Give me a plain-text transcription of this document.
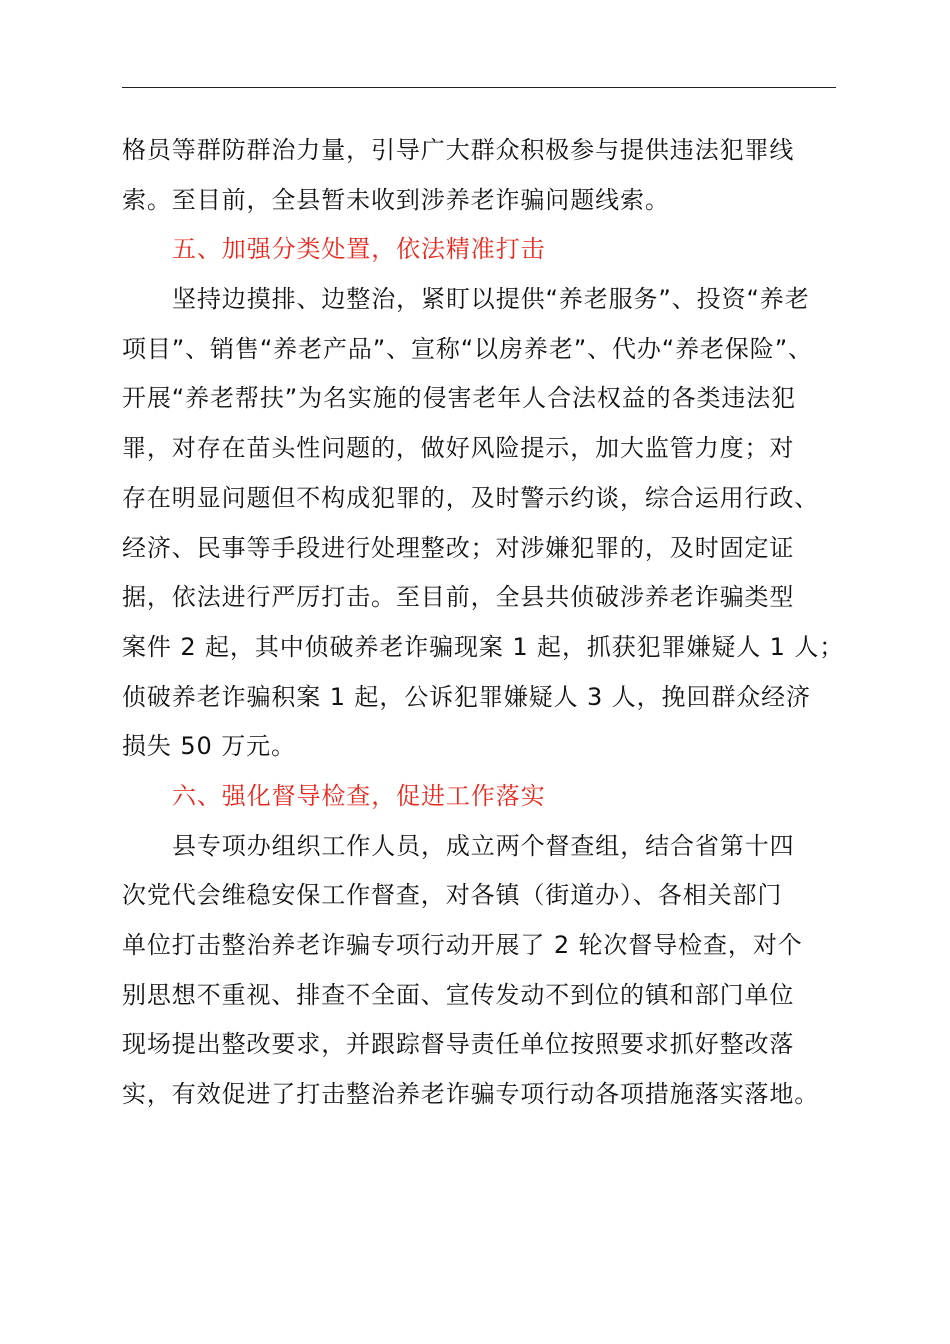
格员等群防群治力量，引导广大群众积极参与提供违法犯罪线
索。至目前，全县暂未收到涉养老诈骗问题线索。
五、加强分类处置，依法精准打击
坚持边摸排、边整治，紧盯以提供“养老服务”、投资“养老
项目”、销售“养老产品”、宣称“以房养老”、代办“养老保险”、
开展“养老帮扶”为名实施的侵害老年人合法权益的各类违法犯
罪，对存在苗头性问题的，做好风险提示，加大监管力度；对
存在明显问题但不构成犯罪的，及时警示约谈，综合运用行政、
经济、民事等手段进行处理整改；对涉嫌犯罪的，及时固定证
据，依法进行严厉打击。至目前，全县共侦破涉养老诈骗类型
案件 2 起，其中侦破养老诈骗现案 1 起，抓获犯罪嫌疑人 1 人；
侦破养老诈骗积案 1 起，公诉犯罪嫌疑人 3 人，挽回群众经济
损失 50 万元。
六、强化督导检查，促进工作落实
县专项办组织工作人员，成立两个督查组，结合省第十四
次党代会维稳安保工作督查，对各镇（街道办）、各相关部门
单位打击整治养老诈骗专项行动开展了 2 轮次督导检查，对个
别思想不重视、排查不全面、宣传发动不到位的镇和部门单位
现场提出整改要求，并跟踪督导责任单位按照要求抓好整改落
实，有效促进了打击整治养老诈骗专项行动各项措施落实落地。
